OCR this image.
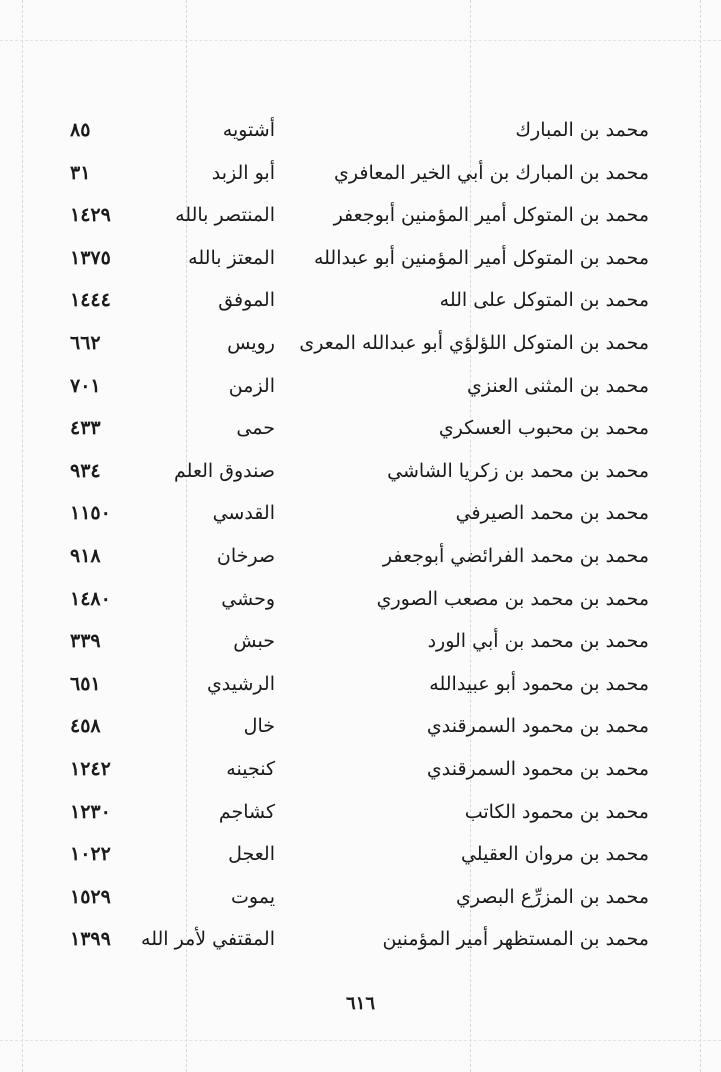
محمد بن المبارك
أشتويه
٨٥
محمد بن المبارك بن أبي الخير المعافري
أبو الزبد
٣١
محمد بن المتوكل أمير المؤمنين أبوجعفر
المنتصر بالله
١٤٢٩
محمد بن المتوكل أمير المؤمنين أبو عبدالله
المعتز بالله
١٣٧٥
محمد بن المتوكل على الله
الموفق
١٤٤٤
محمد بن المتوكل اللؤلؤي أبو عبدالله المعرى
رويس
٦٦٢
محمد بن المثنى العنزي
الزمن
٧٠١
محمد بن محبوب العسكري
حمى
٤٣٣
محمد بن محمد بن زكريا الشاشي
صندوق العلم
٩٣٤
محمد بن محمد الصيرفي
القدسي
١١٥٠
محمد بن محمد الفرائضي أبوجعفر
صرخان
٩١٨
محمد بن محمد بن مصعب الصوري
وحشي
١٤٨٠
محمد بن محمد بن أبي الورد
حبش
٣٣٩
محمد بن محمود أبو عبيدالله
الرشيدي
٦٥١
محمد بن محمود السمرقندي
خال
٤٥٨
محمد بن محمود السمرقندي
كنجينه
١٢٤٢
محمد بن محمود الكاتب
كشاجم
١٢٣٠
محمد بن مروان العقيلي
العجل
١٠٢٢
محمد بن المزرِّع البصري
يموت
١٥٢٩
محمد بن المستظهر أمير المؤمنين
المقتفي لأمر الله
١٣٩٩
٦١٦
